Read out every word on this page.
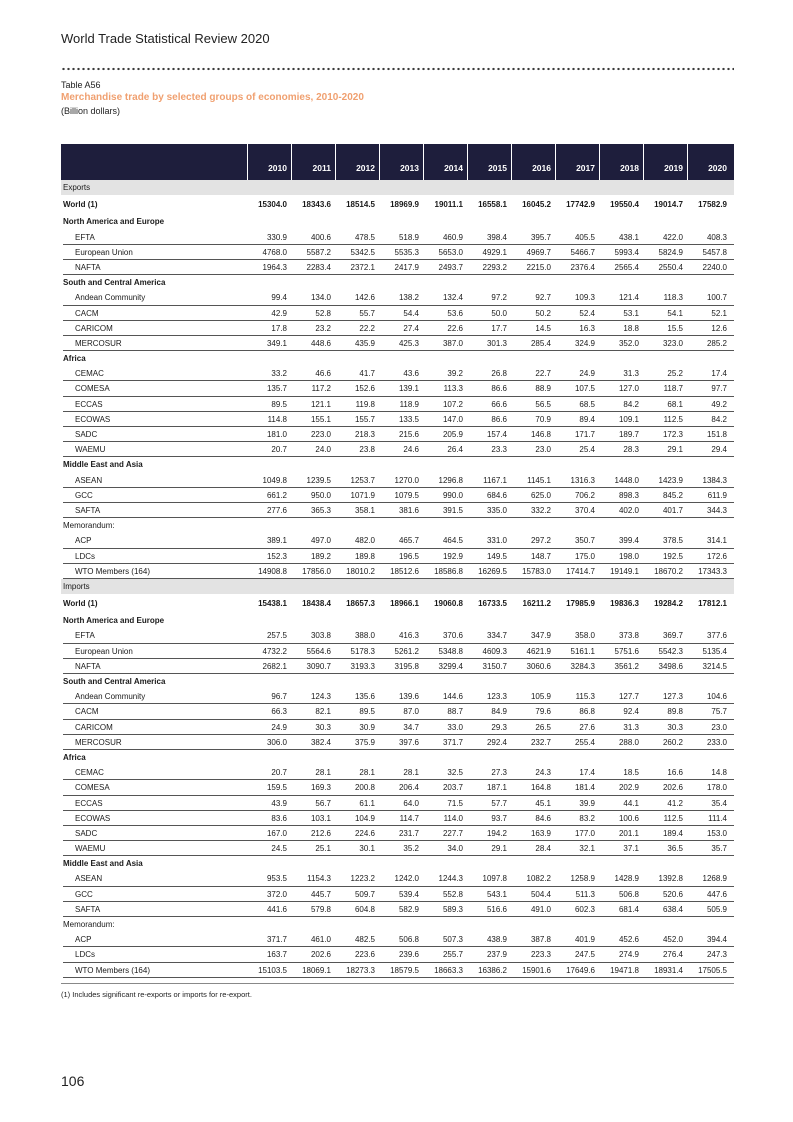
World Trade Statistical Review 2020
Table A56
Merchandise trade by selected groups of economies, 2010-2020
(Billion dollars)
2010	2011	2012	2013	2014	2015	2016	2017	2018	2019	2020
Exports
World (1)	15304.0	18343.6	18514.5	18969.9	19011.1	16558.1	16045.2	17742.9	19550.4	19014.7	17582.9
North America and Europe
EFTA	330.9	400.6	478.5	518.9	460.9	398.4	395.7	405.5	438.1	422.0	408.3
European Union	4768.0	5587.2	5342.5	5535.3	5653.0	4929.1	4969.7	5466.7	5993.4	5824.9	5457.8
NAFTA	1964.3	2283.4	2372.1	2417.9	2493.7	2293.2	2215.0	2376.4	2565.4	2550.4	2240.0
South and Central America
Andean Community	99.4	134.0	142.6	138.2	132.4	97.2	92.7	109.3	121.4	118.3	100.7
CACM	42.9	52.8	55.7	54.4	53.6	50.0	50.2	52.4	53.1	54.1	52.1
CARICOM	17.8	23.2	22.2	27.4	22.6	17.7	14.5	16.3	18.8	15.5	12.6
MERCOSUR	349.1	448.6	435.9	425.3	387.0	301.3	285.4	324.9	352.0	323.0	285.2
Africa
CEMAC	33.2	46.6	41.7	43.6	39.2	26.8	22.7	24.9	31.3	25.2	17.4
COMESA	135.7	117.2	152.6	139.1	113.3	86.6	88.9	107.5	127.0	118.7	97.7
ECCAS	89.5	121.1	119.8	118.9	107.2	66.6	56.5	68.5	84.2	68.1	49.2
ECOWAS	114.8	155.1	155.7	133.5	147.0	86.6	70.9	89.4	109.1	112.5	84.2
SADC	181.0	223.0	218.3	215.6	205.9	157.4	146.8	171.7	189.7	172.3	151.8
WAEMU	20.7	24.0	23.8	24.6	26.4	23.3	23.0	25.4	28.3	29.1	29.4
Middle East and Asia
ASEAN	1049.8	1239.5	1253.7	1270.0	1296.8	1167.1	1145.1	1316.3	1448.0	1423.9	1384.3
GCC	661.2	950.0	1071.9	1079.5	990.0	684.6	625.0	706.2	898.3	845.2	611.9
SAFTA	277.6	365.3	358.1	381.6	391.5	335.0	332.2	370.4	402.0	401.7	344.3
Memorandum:
ACP	389.1	497.0	482.0	465.7	464.5	331.0	297.2	350.7	399.4	378.5	314.1
LDCs	152.3	189.2	189.8	196.5	192.9	149.5	148.7	175.0	198.0	192.5	172.6
WTO Members (164)	14908.8	17856.0	18010.2	18512.6	18586.8	16269.5	15783.0	17414.7	19149.1	18670.2	17343.3
Imports
World (1)	15438.1	18438.4	18657.3	18966.1	19060.8	16733.5	16211.2	17985.9	19836.3	19284.2	17812.1
North America and Europe
EFTA	257.5	303.8	388.0	416.3	370.6	334.7	347.9	358.0	373.8	369.7	377.6
European Union	4732.2	5564.6	5178.3	5261.2	5348.8	4609.3	4621.9	5161.1	5751.6	5542.3	5135.4
NAFTA	2682.1	3090.7	3193.3	3195.8	3299.4	3150.7	3060.6	3284.3	3561.2	3498.6	3214.5
South and Central America
Andean Community	96.7	124.3	135.6	139.6	144.6	123.3	105.9	115.3	127.7	127.3	104.6
CACM	66.3	82.1	89.5	87.0	88.7	84.9	79.6	86.8	92.4	89.8	75.7
CARICOM	24.9	30.3	30.9	34.7	33.0	29.3	26.5	27.6	31.3	30.3	23.0
MERCOSUR	306.0	382.4	375.9	397.6	371.7	292.4	232.7	255.4	288.0	260.2	233.0
Africa
CEMAC	20.7	28.1	28.1	28.1	32.5	27.3	24.3	17.4	18.5	16.6	14.8
COMESA	159.5	169.3	200.8	206.4	203.7	187.1	164.8	181.4	202.9	202.6	178.0
ECCAS	43.9	56.7	61.1	64.0	71.5	57.7	45.1	39.9	44.1	41.2	35.4
ECOWAS	83.6	103.1	104.9	114.7	114.0	93.7	84.6	83.2	100.6	112.5	111.4
SADC	167.0	212.6	224.6	231.7	227.7	194.2	163.9	177.0	201.1	189.4	153.0
WAEMU	24.5	25.1	30.1	35.2	34.0	29.1	28.4	32.1	37.1	36.5	35.7
Middle East and Asia
ASEAN	953.5	1154.3	1223.2	1242.0	1244.3	1097.8	1082.2	1258.9	1428.9	1392.8	1268.9
GCC	372.0	445.7	509.7	539.4	552.8	543.1	504.4	511.3	506.8	520.6	447.6
SAFTA	441.6	579.8	604.8	582.9	589.3	516.6	491.0	602.3	681.4	638.4	505.9
Memorandum:
ACP	371.7	461.0	482.5	506.8	507.3	438.9	387.8	401.9	452.6	452.0	394.4
LDCs	163.7	202.6	223.6	239.6	255.7	237.9	223.3	247.5	274.9	276.4	247.3
WTO Members (164)	15103.5	18069.1	18273.3	18579.5	18663.3	16386.2	15901.6	17649.6	19471.8	18931.4	17505.5
(1) Includes significant re-exports or imports for re-export.
106
